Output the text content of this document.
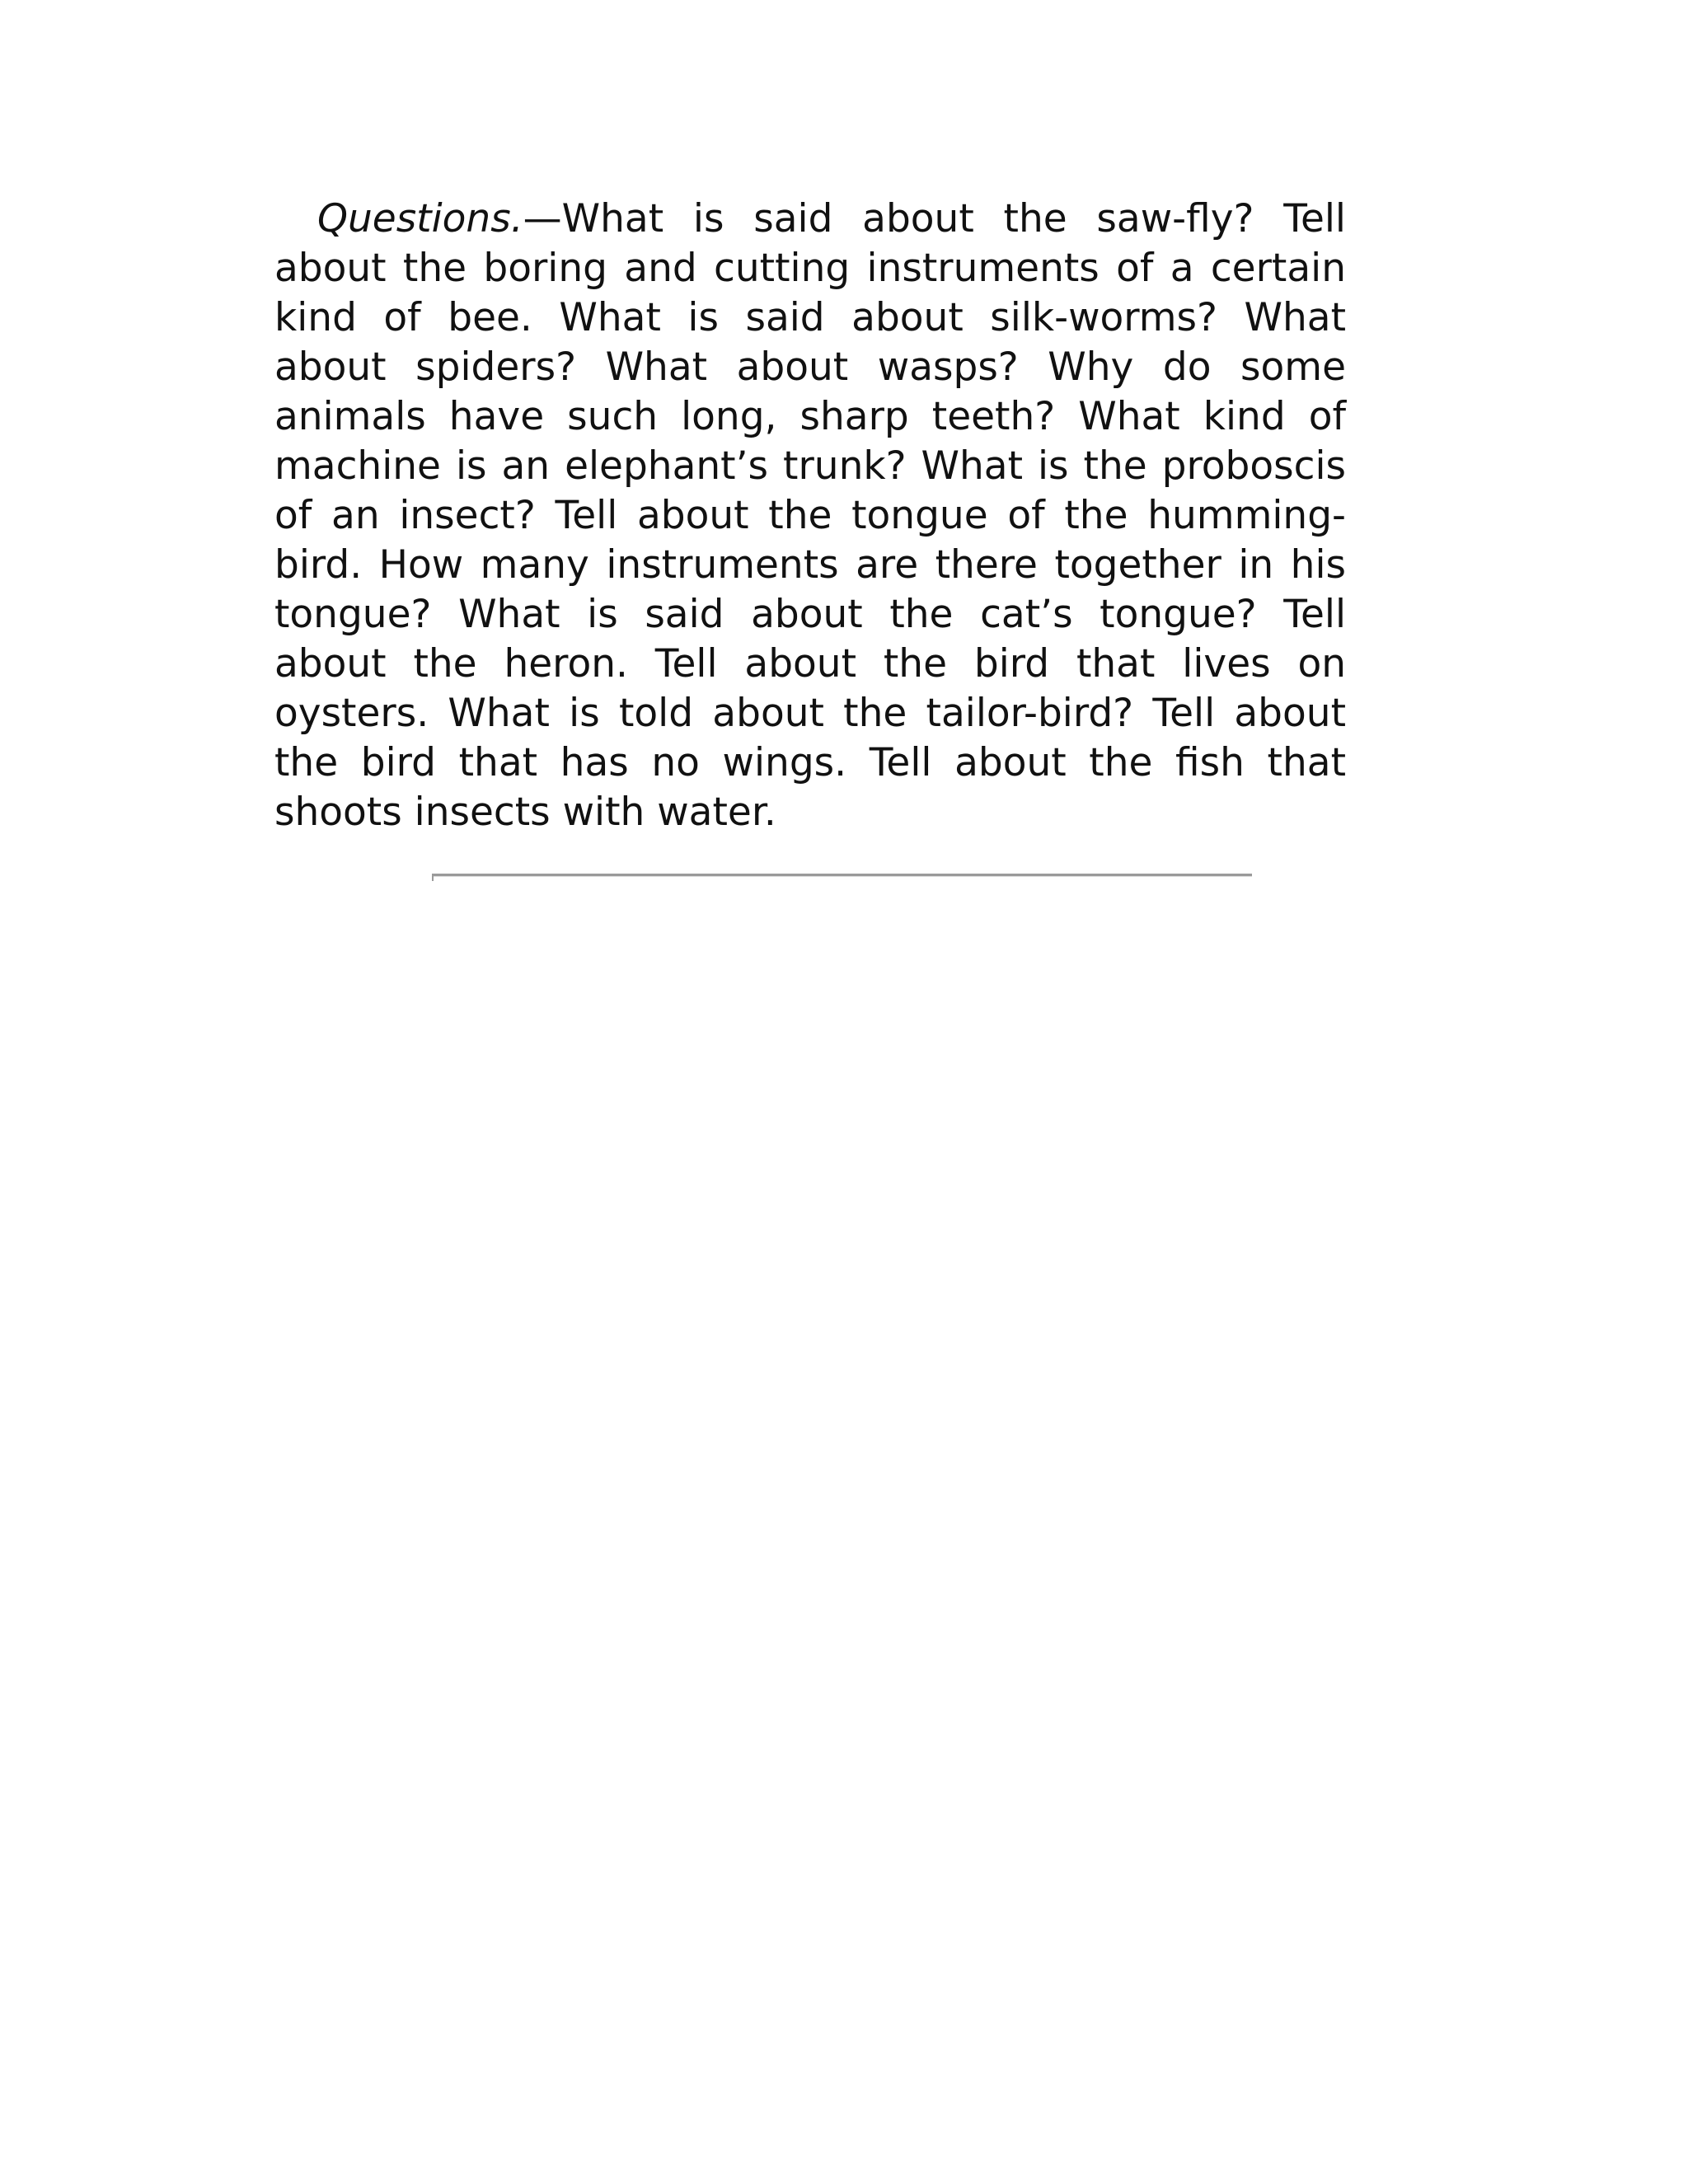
Questions.—What is said about the saw-fly? Tell about the boring and cutting instruments of a certain kind of bee. What is said about silk-worms? What about spiders? What about wasps? Why do some animals have such long, sharp teeth? What kind of machine is an elephant’s trunk? What is the proboscis of an insect? Tell about the tongue of the humming-bird. How many instruments are there together in his tongue? What is said about the cat’s tongue? Tell about the heron. Tell about the bird that lives on oysters. What is told about the tailor-bird? Tell about the bird that has no wings. Tell about the fish that shoots insects with water.
